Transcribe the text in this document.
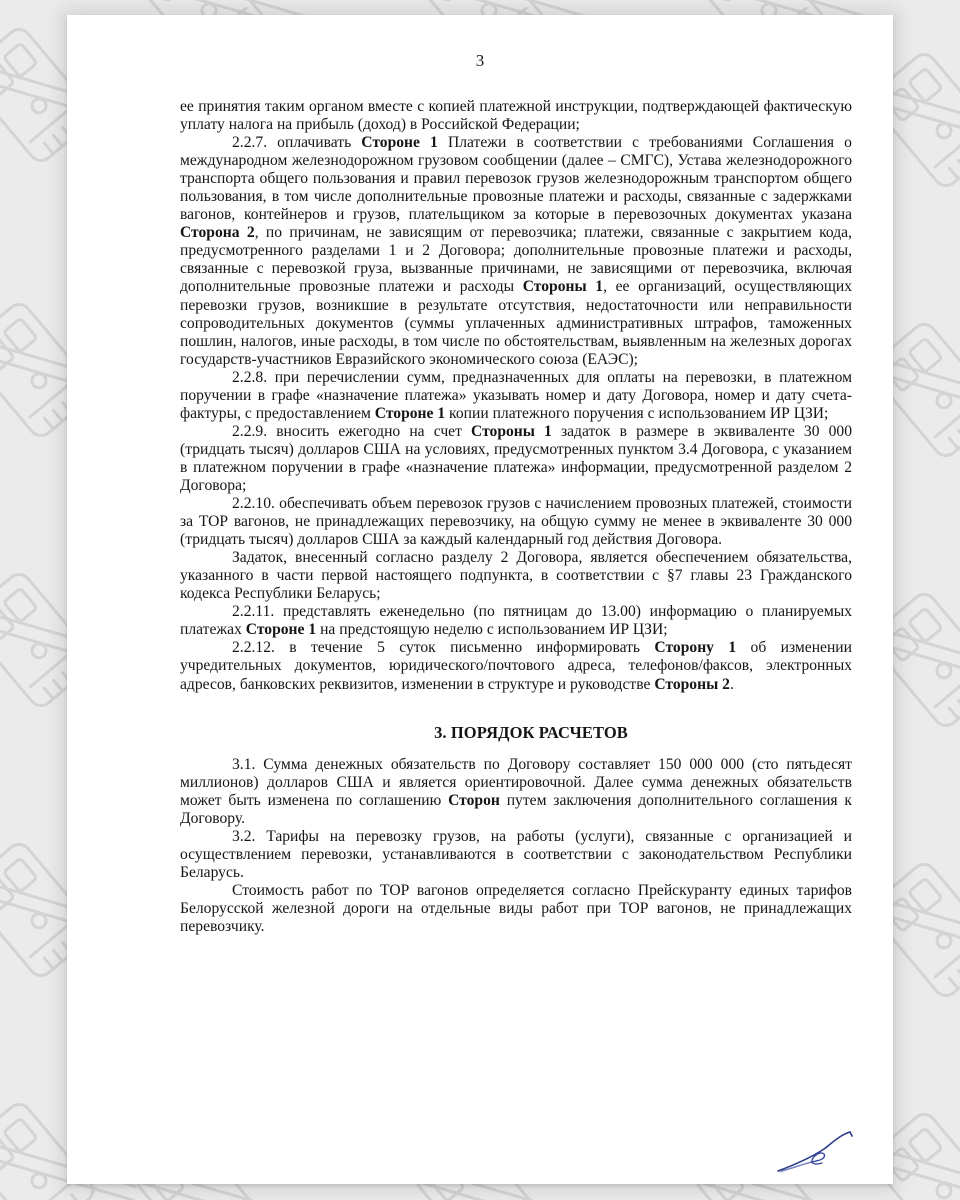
3

ее принятия таким органом вместе с копией платежной инструкции, подтверждающей фактическую уплату налога на прибыль (доход) в Российской Федерации;

2.2.7. оплачивать Стороне 1 Платежи в соответствии с требованиями Соглашения о международном железнодорожном грузовом сообщении (далее – СМГС), Устава железнодорожного транспорта общего пользования и правил перевозок грузов железнодорожным транспортом общего пользования, в том числе дополнительные провозные платежи и расходы, связанные с задержками вагонов, контейнеров и грузов, плательщиком за которые в перевозочных документах указана Сторона 2, по причинам, не зависящим от перевозчика; платежи, связанные с закрытием кода, предусмотренного разделами 1 и 2 Договора; дополнительные провозные платежи и расходы, связанные с перевозкой груза, вызванные причинами, не зависящими от перевозчика, включая дополнительные провозные платежи и расходы Стороны 1, ее организаций, осуществляющих перевозки грузов, возникшие в результате отсутствия, недостаточности или неправильности сопроводительных документов (суммы уплаченных административных штрафов, таможенных пошлин, налогов, иные расходы, в том числе по обстоятельствам, выявленным на железных дорогах государств-участников Евразийского экономического союза (ЕАЭС);

2.2.8. при перечислении сумм, предназначенных для оплаты на перевозки, в платежном поручении в графе «назначение платежа» указывать номер и дату Договора, номер и дату счета-фактуры, с предоставлением Стороне 1 копии платежного поручения с использованием ИР ЦЗИ;

2.2.9. вносить ежегодно на счет Стороны 1 задаток в размере в эквиваленте 30 000 (тридцать тысяч) долларов США на условиях, предусмотренных пунктом 3.4 Договора, с указанием в платежном поручении в графе «назначение платежа» информации, предусмотренной разделом 2 Договора;

2.2.10. обеспечивать объем перевозок грузов с начислением провозных платежей, стоимости за ТОР вагонов, не принадлежащих перевозчику, на общую сумму не менее в эквиваленте 30 000 (тридцать тысяч) долларов США за каждый календарный год действия Договора.

Задаток, внесенный согласно разделу 2 Договора, является обеспечением обязательства, указанного в части первой настоящего подпункта, в соответствии с §7 главы 23 Гражданского кодекса Республики Беларусь;

2.2.11. представлять еженедельно (по пятницам до 13.00) информацию о планируемых платежах Стороне 1 на предстоящую неделю с использованием ИР ЦЗИ;

2.2.12. в течение 5 суток письменно информировать Сторону 1 об изменении учредительных документов, юридического/почтового адреса, телефонов/факсов, электронных адресов, банковских реквизитов, изменении в структуре и руководстве Стороны 2.

3. ПОРЯДОК РАСЧЕТОВ

3.1. Сумма денежных обязательств по Договору составляет 150 000 000 (сто пятьдесят миллионов) долларов США и является ориентировочной. Далее сумма денежных обязательств может быть изменена по соглашению Сторон путем заключения дополнительного соглашения к Договору.

3.2. Тарифы на перевозку грузов, на работы (услуги), связанные с организацией и осуществлением перевозки, устанавливаются в соответствии с законодательством Республики Беларусь.

Стоимость работ по ТОР вагонов определяется согласно Прейскуранту единых тарифов Белорусской железной дороги на отдельные виды работ при ТОР вагонов, не принадлежащих перевозчику.
